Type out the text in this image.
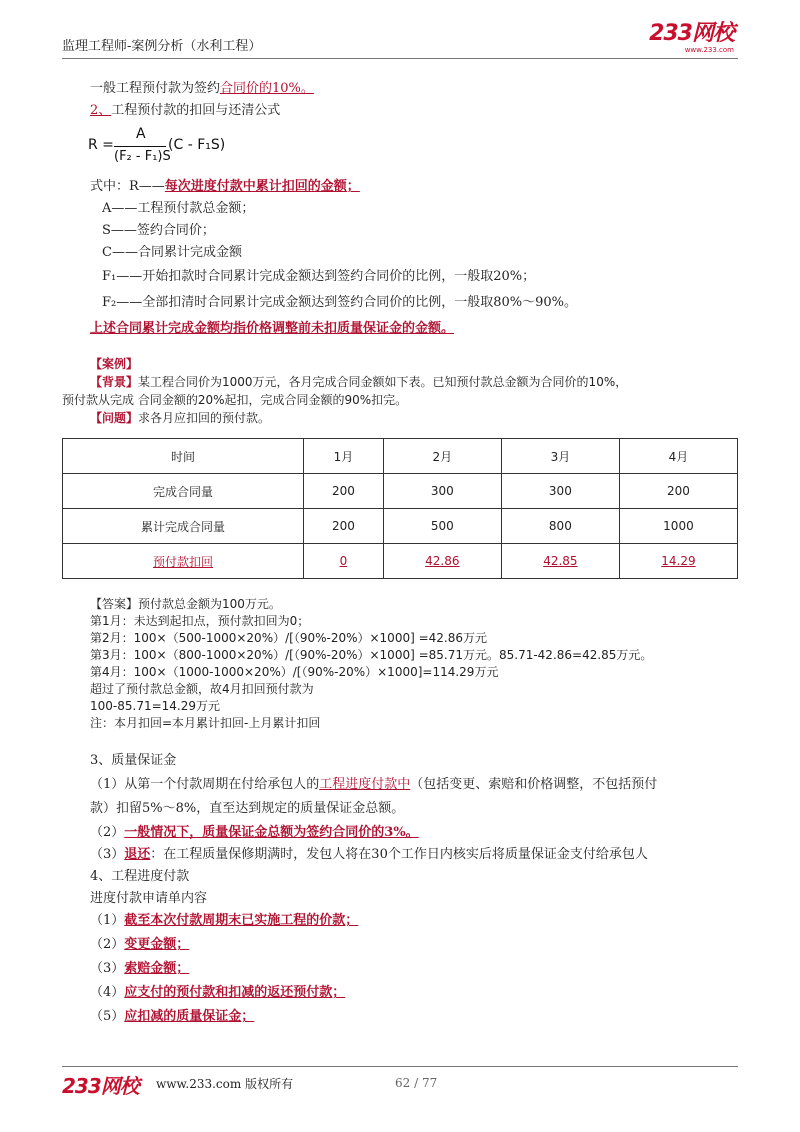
监理工程师-案例分析（水利工程）
233网校
www.233.com
一般工程预付款为签约合同价的10%。
2、工程预付款的扣回与还清公式
R =
A
(F₂ - F₁)S
(C - F₁S)
式中：R——每次进度付款中累计扣回的金额；
A——工程预付款总金额；
S——签约合同价；
C——合同累计完成金额
F₁——开始扣款时合同累计完成金额达到签约合同价的比例，一般取20%；
F₂——全部扣清时合同累计完成金额达到签约合同价的比例，一般取80%～90%。
上述合同累计完成金额均指价格调整前未扣质量保证金的金额。
【案例】
【背景】某工程合同价为1000万元，各月完成合同金额如下表。已知预付款总金额为合同价的10%，
预付款从完成 合同金额的20%起扣，完成合同金额的90%扣完。
【问题】求各月应扣回的预付款。
时间	1月	2月	3月	4月
完成合同量	200	300	300	200
累计完成合同量	200	500	800	1000
预付款扣回	0	42.86	42.85	14.29
【答案】预付款总金额为100万元。
第1月：未达到起扣点，预付款扣回为0；
第2月：100×（500-1000×20%）/[（90%-20%）×1000] =42.86万元
第3月：100×（800-1000×20%）/[（90%-20%）×1000] =85.71万元。85.71-42.86=42.85万元。
第4月：100×（1000-1000×20%）/[（90%-20%）×1000]=114.29万元
超过了预付款总金额，故4月扣回预付款为
100-85.71=14.29万元
注：本月扣回=本月累计扣回-上月累计扣回
3、质量保证金
（1）从第一个付款周期在付给承包人的工程进度付款中（包括变更、索赔和价格调整，不包括预付
款）扣留5%～8%，直至达到规定的质量保证金总额。
（2）一般情况下，质量保证金总额为签约合同价的3%。
（3）退还：在工程质量保修期满时，发包人将在30个工作日内核实后将质量保证金支付给承包人
4、工程进度付款
进度付款申请单内容
（1）截至本次付款周期末已实施工程的价款；
（2）变更金额；
（3）索赔金额；
（4）应支付的预付款和扣减的返还预付款；
（5）应扣减的质量保证金；
233网校 www.233.com 版权所有	62 / 77
